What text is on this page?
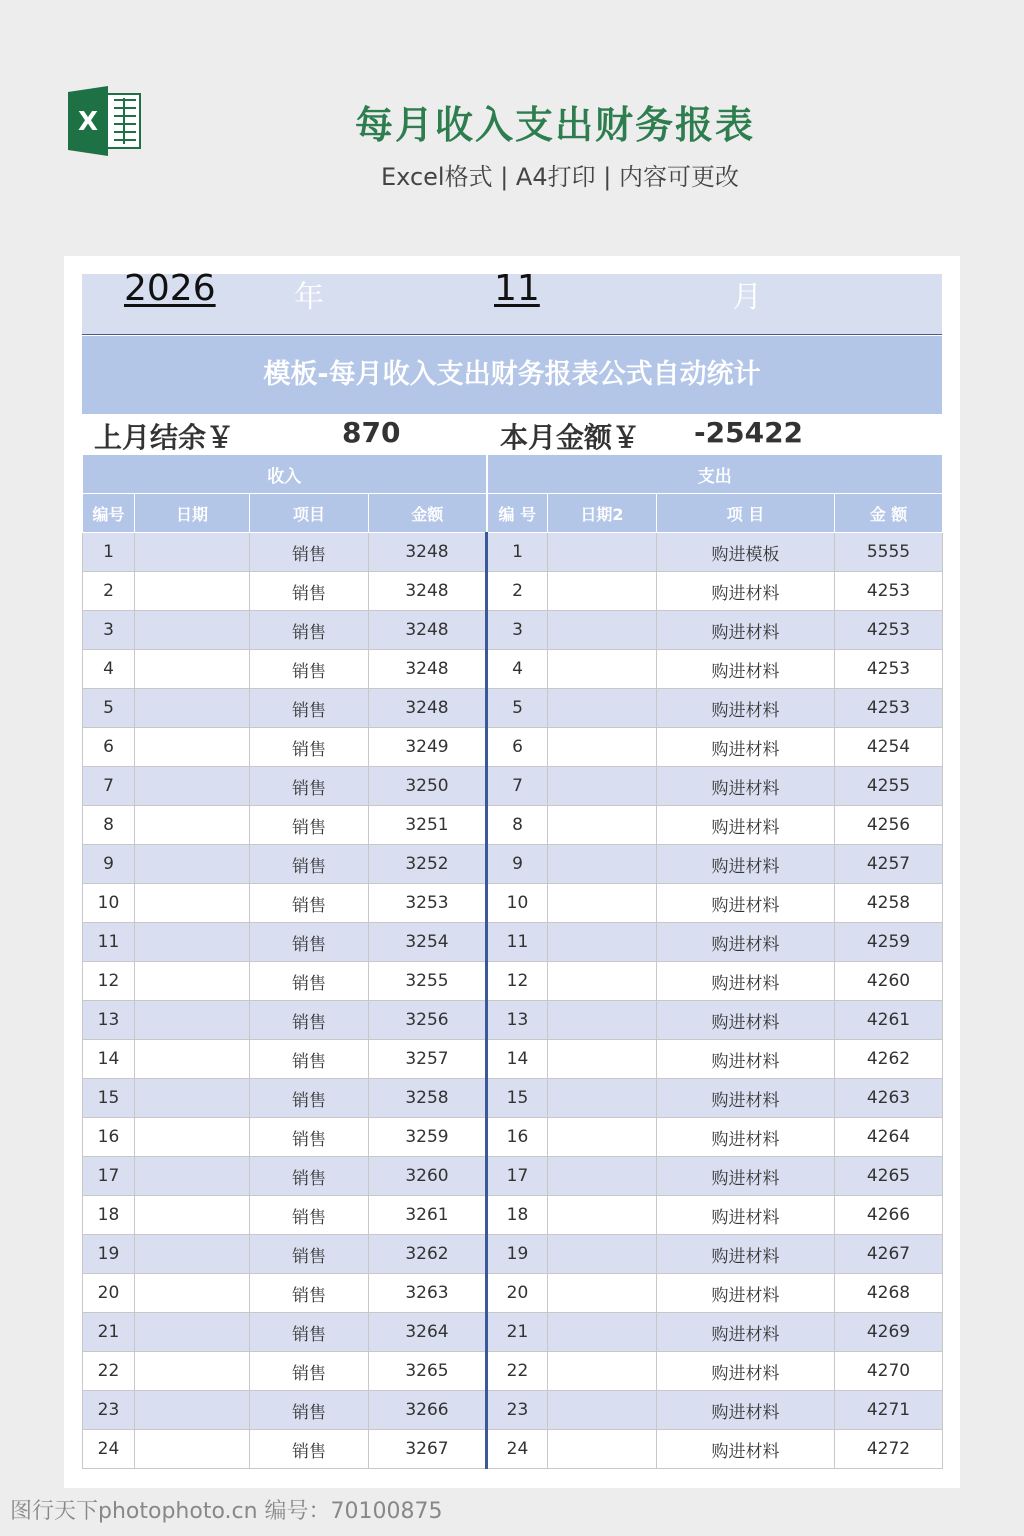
X	每月收入支出财务报表
Excel格式 | A4打印 | 内容可更改
2026	年	11	月
模板-每月收入支出财务报表公式自动统计
上月结余￥	870	本月金额￥ -25422
收入				支出			
编号	日期	项目	金额	编 号	日期2	项 目	金 额
1		销售	3248	1		购进模板	5555
2		销售	3248	2		购进材料	4253
3		销售	3248	3		购进材料	4253
4		销售	3248	4		购进材料	4253
5		销售	3248	5		购进材料	4253
6		销售	3249	6		购进材料	4254
7		销售	3250	7		购进材料	4255
8		销售	3251	8		购进材料	4256
9		销售	3252	9		购进材料	4257
10		销售	3253	10		购进材料	4258
11		销售	3254	11		购进材料	4259
12		销售	3255	12		购进材料	4260
13		销售	3256	13		购进材料	4261
14		销售	3257	14		购进材料	4262
15		销售	3258	15		购进材料	4263
16		销售	3259	16		购进材料	4264
17		销售	3260	17		购进材料	4265
18		销售	3261	18		购进材料	4266
19		销售	3262	19		购进材料	4267
20		销售	3263	20		购进材料	4268
21		销售	3264	21		购进材料	4269
22		销售	3265	22		购进材料	4270
23		销售	3266	23		购进材料	4271
24		销售	3267	24		购进材料	4272
图行天下photophoto.cn 编号：70100875
